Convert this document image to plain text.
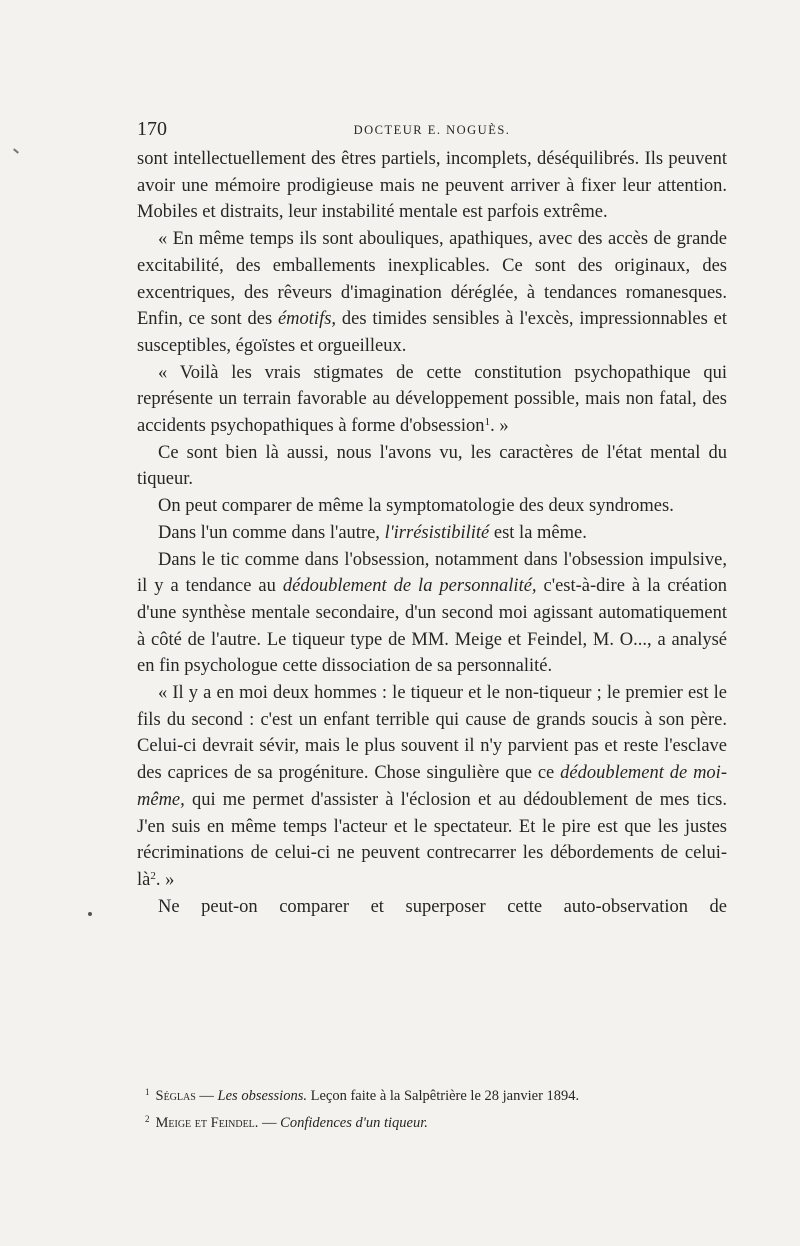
170	DOCTEUR E. NOGUÈS.

sont intellectuellement des êtres partiels, incomplets, déséquilibrés. Ils peuvent avoir une mémoire prodigieuse mais ne peuvent arriver à fixer leur attention. Mobiles et distraits, leur instabilité mentale est parfois extrême.

« En même temps ils sont abouliques, apathiques, avec des accès de grande excitabilité, des emballements inexplicables. Ce sont des originaux, des excentriques, des rêveurs d'imagination déréglée, à tendances romanesques. Enfin, ce sont des émotifs, des timides sensibles à l'excès, impressionnables et susceptibles, égoïstes et orgueilleux.

« Voilà les vrais stigmates de cette constitution psychopathique qui représente un terrain favorable au développement possible, mais non fatal, des accidents psychopathiques à forme d'obsession$^1$. »

Ce sont bien là aussi, nous l'avons vu, les caractères de l'état mental du tiqueur.

On peut comparer de même la symptomatologie des deux syndromes.

Dans l'un comme dans l'autre, l'irrésistibilité est la même.

Dans le tic comme dans l'obsession, notamment dans l'obsession impulsive, il y a tendance au dédoublement de la personnalité, c'est-à-dire à la création d'une synthèse mentale secondaire, d'un second moi agissant automatiquement à côté de l'autre. Le tiqueur type de MM. Meige et Feindel, M. O..., a analysé en fin psychologue cette dissociation de sa personnalité.

« Il y a en moi deux hommes : le tiqueur et le non-tiqueur ; le premier est le fils du second : c'est un enfant terrible qui cause de grands soucis à son père. Celui-ci devrait sévir, mais le plus souvent il n'y parvient pas et reste l'esclave des caprices de sa progéniture. Chose singulière que ce dédoublement de moi-même, qui me permet d'assister à l'éclosion et au dédoublement de mes tics. J'en suis en même temps l'acteur et le spectateur. Et le pire est que les justes récriminations de celui-ci ne peuvent contrecarrer les débordements de celui-$là^2$. »

Ne peut-on comparer et superposer cette auto-observation de

$^1$ Séglas — Les obsessions. Leçon faite à la Salpêtrière le 28 janvier 1894.

$^2$ Meige et Feindel. — Confidences d'un tiqueur.
